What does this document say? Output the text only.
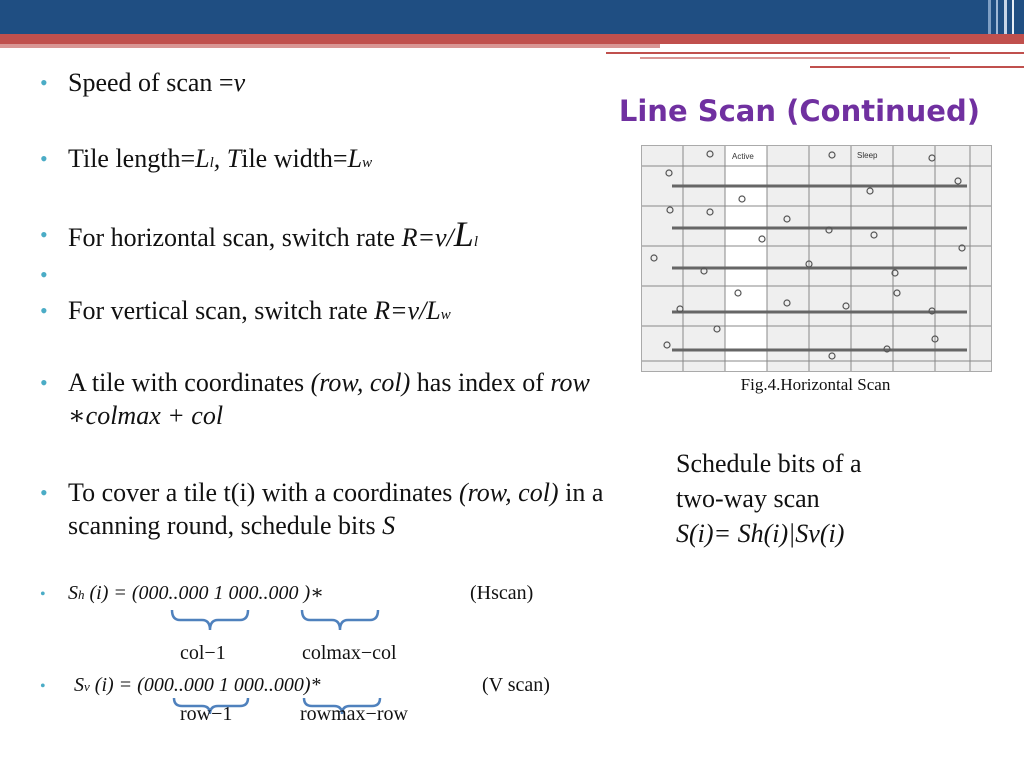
Line Scan (Continued)
• Speed of scan =v
• Tile length=Ll, Tile width=Lw
• For horizontal scan, switch rate R=v/Ll
•
• For vertical scan, switch rate R=v/Lw
• A tile with coordinates (row, col) has index of row ∗colmax + col
• To cover a tile t(i) with a coordinates (row, col) in a scanning round, schedule bits S
• Sh (i) = (000..000 1 000..000 )∗	(Hscan)
• Sv (i) = (000..000 1 000..000)*	(V scan)
col−1	colmax−col
row−1	rowmax−row
Active	Sleep
Fig.4.Horizontal Scan
Schedule bits of a
two-way scan
S(i)= Sh(i)|Sv(i)
